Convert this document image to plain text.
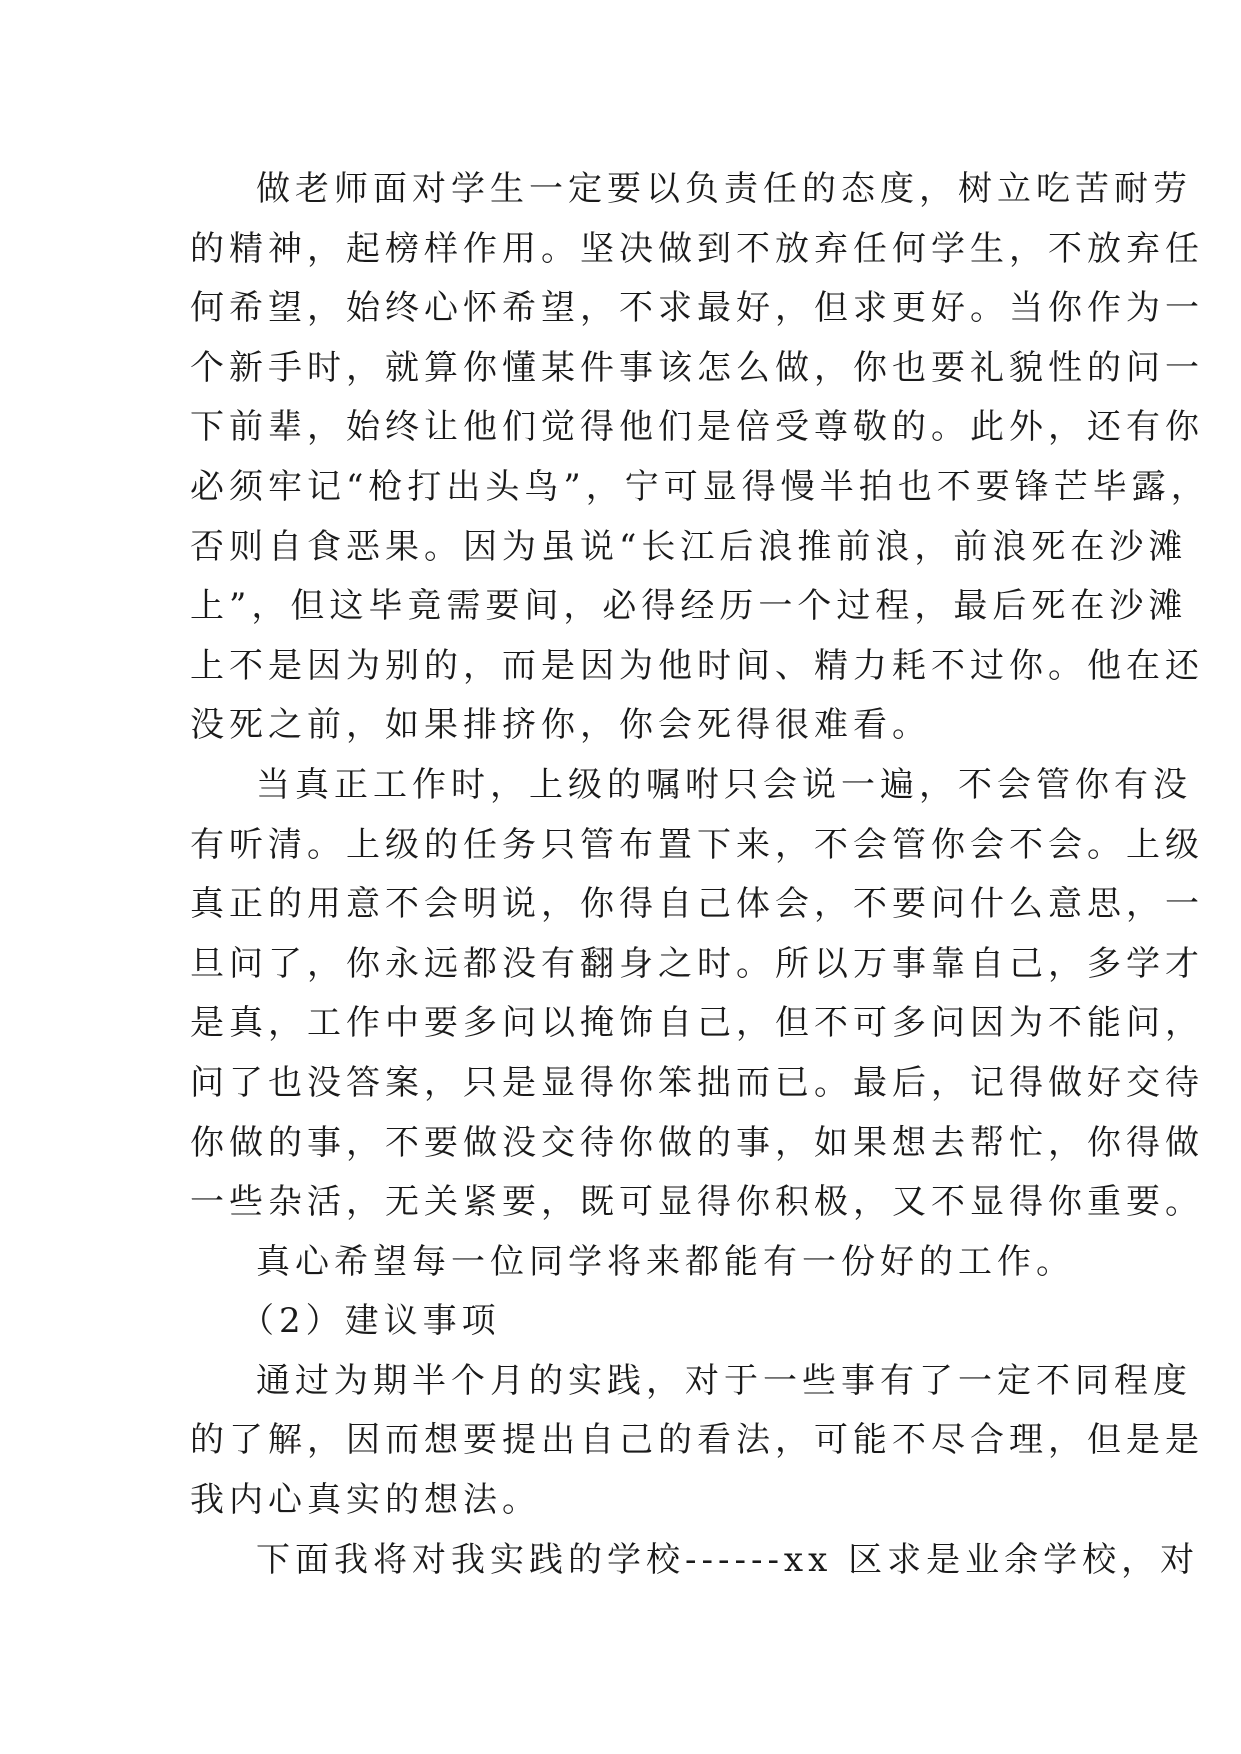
做老师面对学生一定要以负责任的态度，树立吃苦耐劳
的精神，起榜样作用。坚决做到不放弃任何学生，不放弃任
何希望，始终心怀希望，不求最好，但求更好。当你作为一
个新手时，就算你懂某件事该怎么做，你也要礼貌性的问一
下前辈，始终让他们觉得他们是倍受尊敬的。此外，还有你
必须牢记“枪打出头鸟”，宁可显得慢半拍也不要锋芒毕露，
否则自食恶果。因为虽说“长江后浪推前浪，前浪死在沙滩
上”，但这毕竟需要间，必得经历一个过程，最后死在沙滩
上不是因为别的，而是因为他时间、精力耗不过你。他在还
没死之前，如果排挤你，你会死得很难看。
当真正工作时，上级的嘱咐只会说一遍，不会管你有没
有听清。上级的任务只管布置下来，不会管你会不会。上级
真正的用意不会明说，你得自己体会，不要问什么意思，一
旦问了，你永远都没有翻身之时。所以万事靠自己，多学才
是真，工作中要多问以掩饰自己，但不可多问因为不能问，
问了也没答案，只是显得你笨拙而已。最后，记得做好交待
你做的事，不要做没交待你做的事，如果想去帮忙，你得做
一些杂活，无关紧要，既可显得你积极，又不显得你重要。
真心希望每一位同学将来都能有一份好的工作。
（2）建议事项
通过为期半个月的实践，对于一些事有了一定不同程度
的了解，因而想要提出自己的看法，可能不尽合理，但是是
我内心真实的想法。
下面我将对我实践的学校------xx 区求是业余学校，对
